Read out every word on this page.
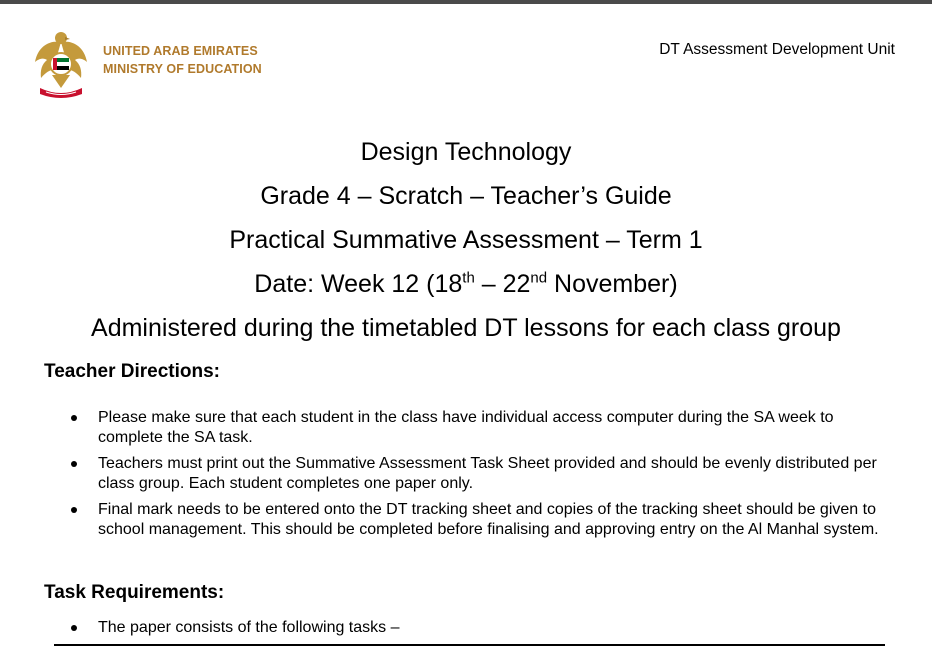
UNITED ARAB EMIRATES
MINISTRY OF EDUCATION
DT Assessment Development Unit
Design Technology
Grade 4 – Scratch – Teacher’s Guide
Practical Summative Assessment – Term 1
Date: Week 12 (18th – 22nd November)
Administered during the timetabled DT lessons for each class group
Teacher Directions:
Please make sure that each student in the class have individual access computer during the SA week to complete the SA task.
Teachers must print out the Summative Assessment Task Sheet provided and should be evenly distributed per class group. Each student completes one paper only.
Final mark needs to be entered onto the DT tracking sheet and copies of the tracking sheet should be given to school management. This should be completed before finalising and approving entry on the Al Manhal system.
Task Requirements:
The paper consists of the following tasks –
